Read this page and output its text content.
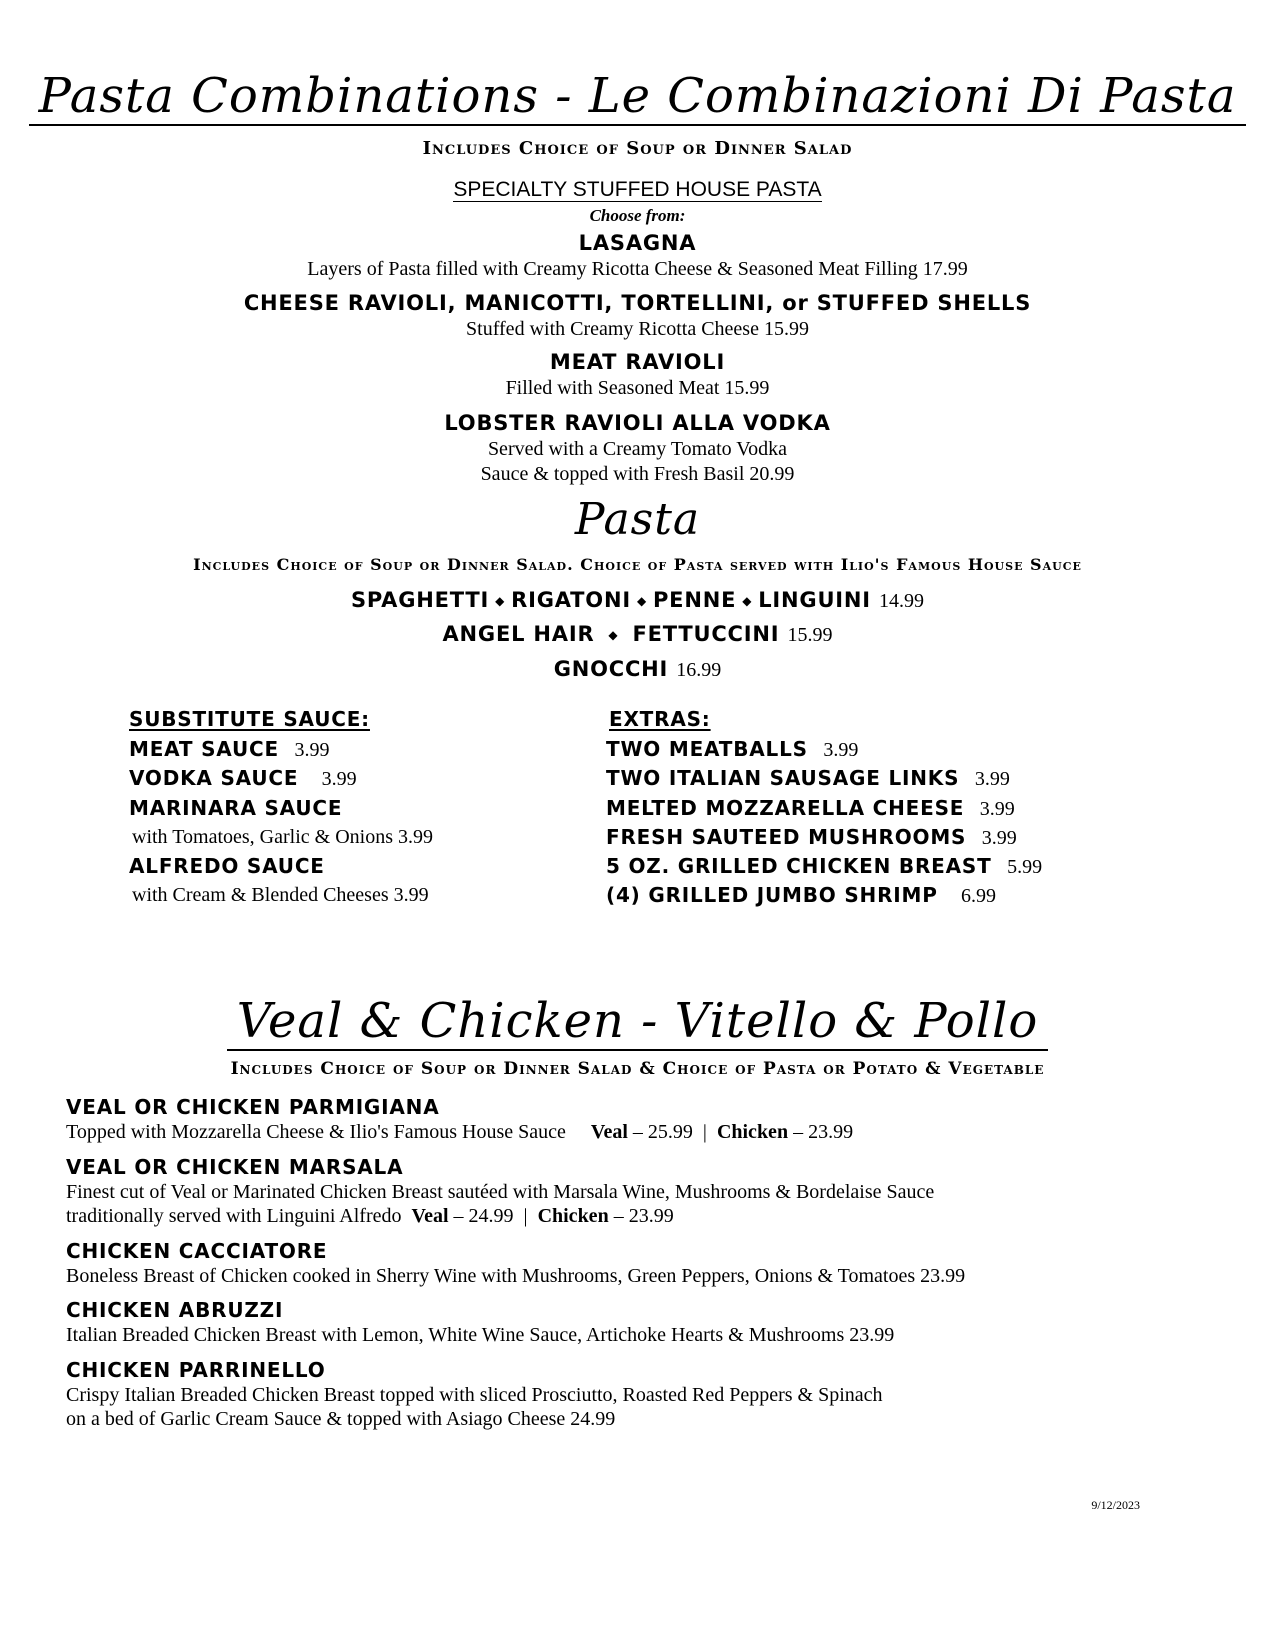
Pasta Combinations - Le Combinazioni Di Pasta
Includes Choice of Soup or Dinner Salad
SPECIALTY STUFFED HOUSE PASTA
Choose from:
LASAGNA
Layers of Pasta filled with Creamy Ricotta Cheese & Seasoned Meat Filling 17.99
CHEESE RAVIOLI, MANICOTTI, TORTELLINI, or STUFFED SHELLS
Stuffed with Creamy Ricotta Cheese 15.99
MEAT RAVIOLI
Filled with Seasoned Meat 15.99
LOBSTER RAVIOLI ALLA VODKA
Served with a Creamy Tomato Vodka
Sauce & topped with Fresh Basil 20.99
Pasta
Includes Choice of Soup or Dinner Salad. Choice of Pasta served with Ilio's Famous House Sauce
SPAGHETTI ◆ RIGATONI ◆ PENNE ◆ LINGUINI 14.99
ANGEL HAIR ◆ FETTUCCINI 15.99
GNOCCHI 16.99
SUBSTITUTE SAUCE:
MEAT SAUCE 3.99
VODKA SAUCE 3.99
MARINARA SAUCE
with Tomatoes, Garlic & Onions 3.99
ALFREDO SAUCE
with Cream & Blended Cheeses 3.99
EXTRAS:
TWO MEATBALLS 3.99
TWO ITALIAN SAUSAGE LINKS 3.99
MELTED MOZZARELLA CHEESE 3.99
FRESH SAUTEED MUSHROOMS 3.99
5 OZ. GRILLED CHICKEN BREAST 5.99
(4) GRILLED JUMBO SHRIMP 6.99
Veal & Chicken - Vitello & Pollo
Includes Choice of Soup or Dinner Salad & Choice of Pasta or Potato & Vegetable
VEAL OR CHICKEN PARMIGIANA
Topped with Mozzarella Cheese & Ilio's Famous House Sauce Veal – 25.99 | Chicken – 23.99
VEAL OR CHICKEN MARSALA
Finest cut of Veal or Marinated Chicken Breast sautéed with Marsala Wine, Mushrooms & Bordelaise Sauce
traditionally served with Linguini Alfredo Veal – 24.99 | Chicken – 23.99
CHICKEN CACCIATORE
Boneless Breast of Chicken cooked in Sherry Wine with Mushrooms, Green Peppers, Onions & Tomatoes 23.99
CHICKEN ABRUZZI
Italian Breaded Chicken Breast with Lemon, White Wine Sauce, Artichoke Hearts & Mushrooms 23.99
CHICKEN PARRINELLO
Crispy Italian Breaded Chicken Breast topped with sliced Prosciutto, Roasted Red Peppers & Spinach
on a bed of Garlic Cream Sauce & topped with Asiago Cheese 24.99
9/12/2023
